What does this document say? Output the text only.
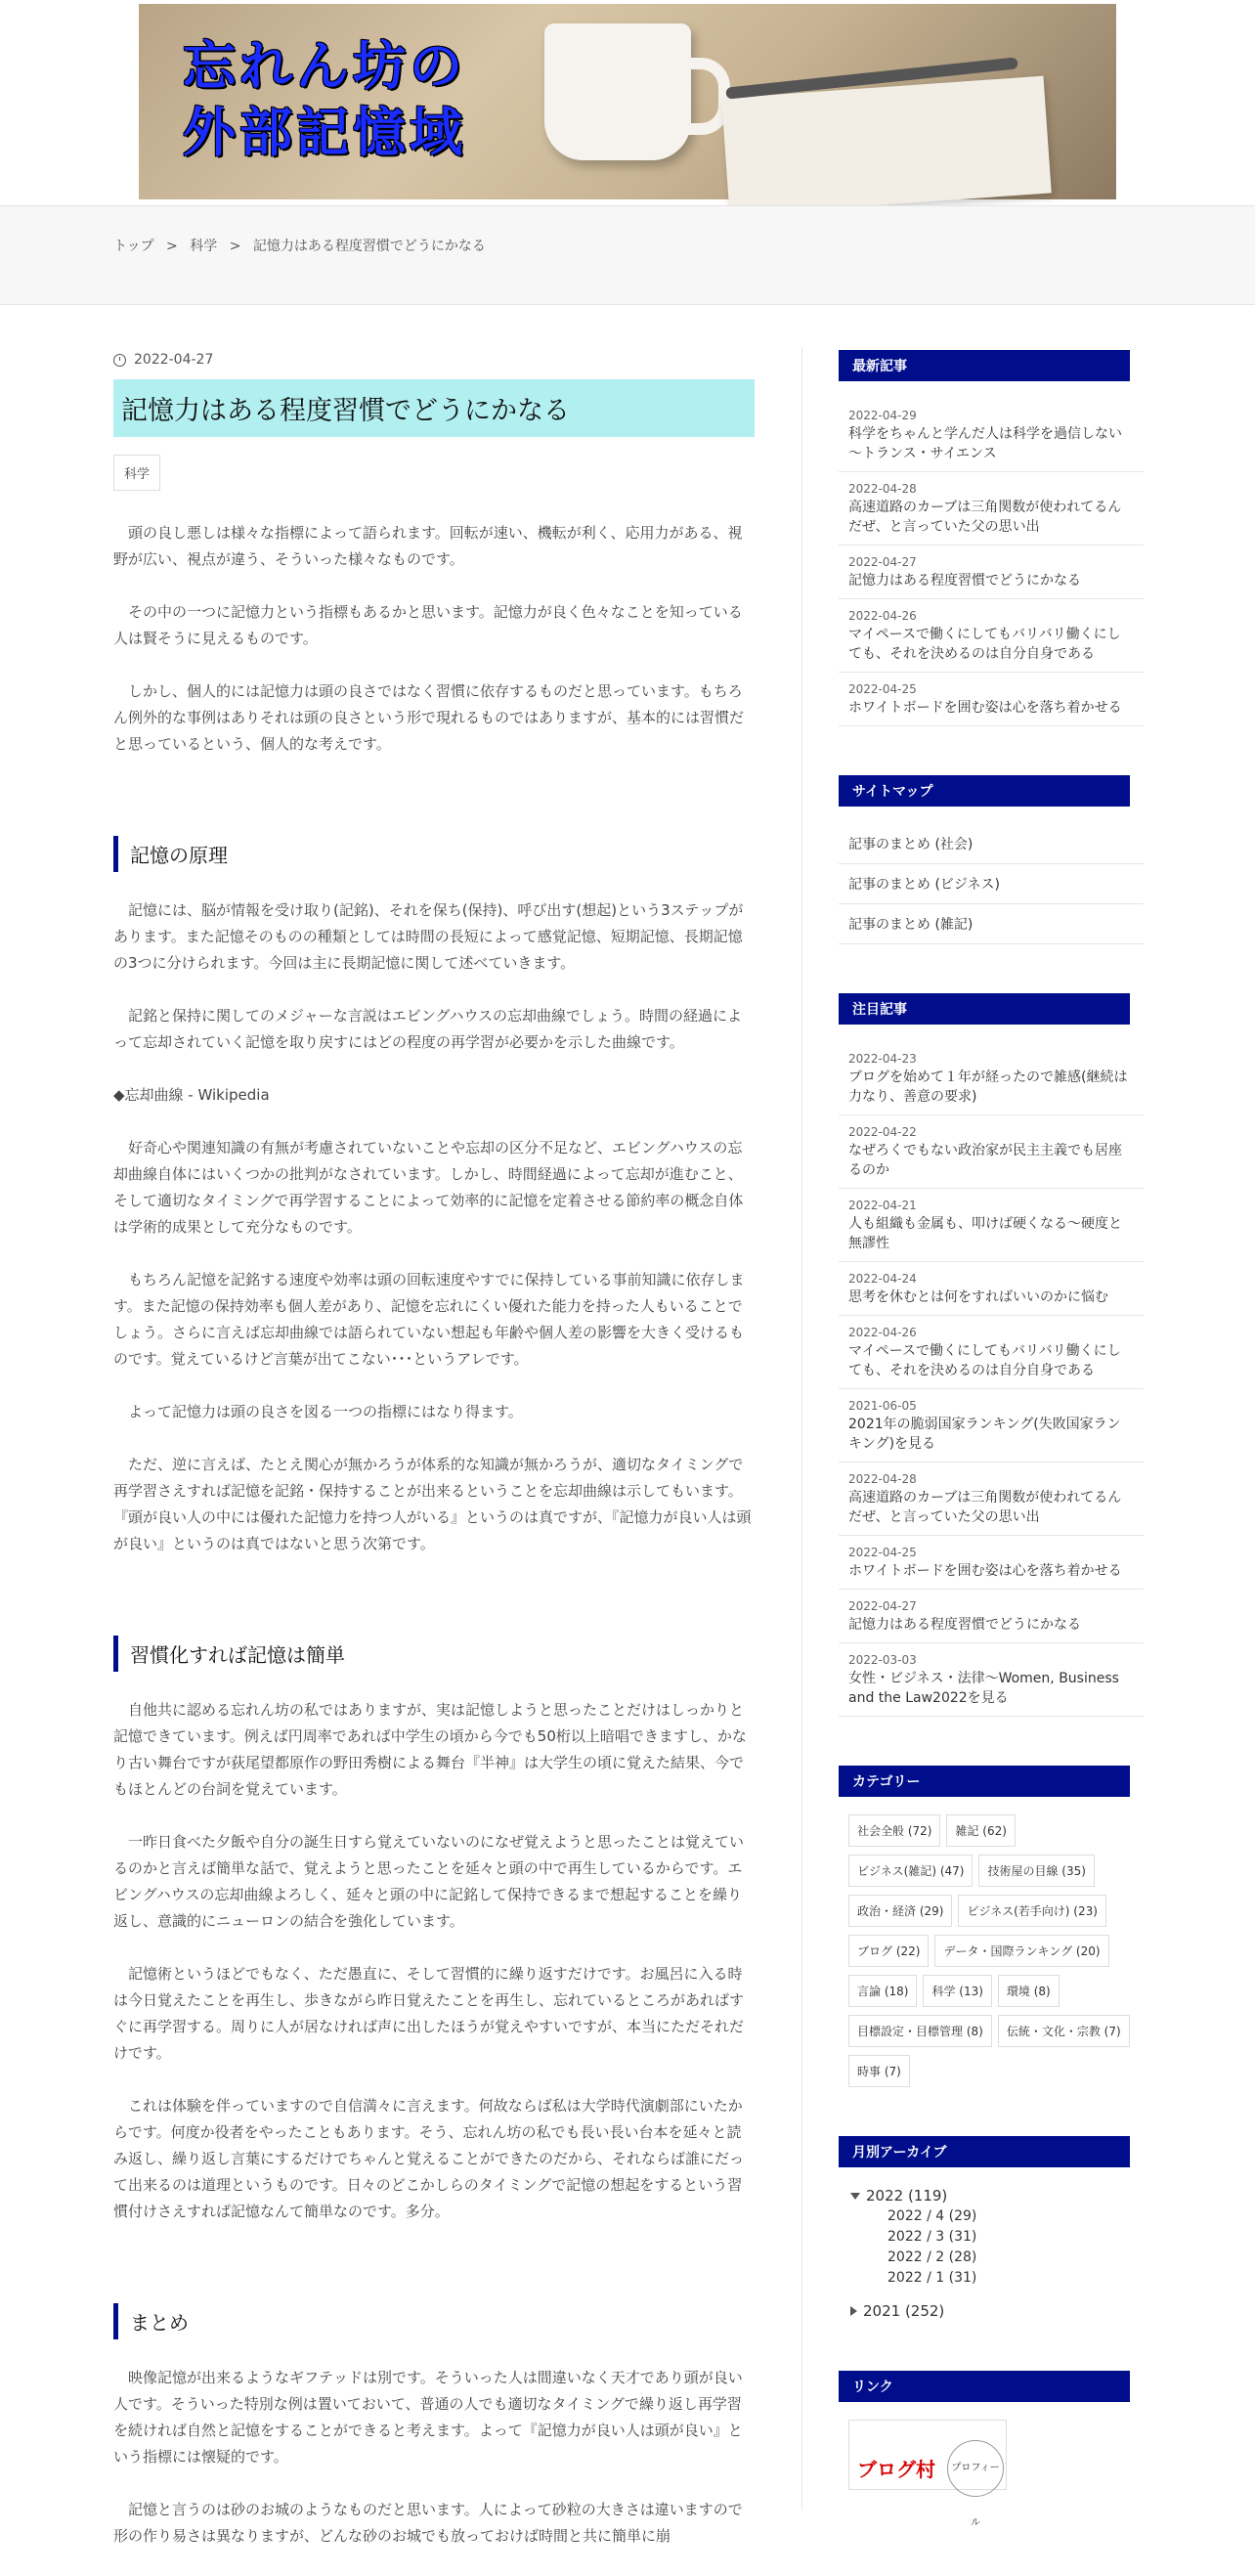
忘れん坊の
外部記憶域
トップ > 科学 > 記憶力はある程度習慣でどうにかなる
2022-04-27
記憶力はある程度習慣でどうにかなる
科学

頭の良し悪しは様々な指標によって語られます。回転が速い、機転が利く、応用力がある、視野が広い、視点が違う、そういった様々なものです。

その中の一つに記憶力という指標もあるかと思います。記憶力が良く色々なことを知っている人は賢そうに見えるものです。

しかし、個人的には記憶力は頭の良さではなく習慣に依存するものだと思っています。もちろん例外的な事例はありそれは頭の良さという形で現れるものではありますが、基本的には習慣だと思っているという、個人的な考えです。

記憶の原理

記憶には、脳が情報を受け取り(記銘)、それを保ち(保持)、呼び出す(想起)という3ステップがあります。また記憶そのものの種類としては時間の長短によって感覚記憶、短期記憶、長期記憶の3つに分けられます。今回は主に長期記憶に関して述べていきます。

記銘と保持に関してのメジャーな言説はエビングハウスの忘却曲線でしょう。時間の経過によって忘却されていく記憶を取り戻すにはどの程度の再学習が必要かを示した曲線です。

◆忘却曲線 - Wikipedia

好奇心や関連知識の有無が考慮されていないことや忘却の区分不足など、エビングハウスの忘却曲線自体にはいくつかの批判がなされています。しかし、時間経過によって忘却が進むこと、そして適切なタイミングで再学習することによって効率的に記憶を定着させる節約率の概念自体は学術的成果として充分なものです。

もちろん記憶を記銘する速度や効率は頭の回転速度やすでに保持している事前知識に依存します。また記憶の保持効率も個人差があり、記憶を忘れにくい優れた能力を持った人もいることでしょう。さらに言えば忘却曲線では語られていない想起も年齢や個人差の影響を大きく受けるものです。覚えているけど言葉が出てこない･･･というアレです。

よって記憶力は頭の良さを図る一つの指標にはなり得ます。

ただ、逆に言えば、たとえ関心が無かろうが体系的な知識が無かろうが、適切なタイミングで再学習さえすれば記憶を記銘・保持することが出来るということを忘却曲線は示してもいます。『頭が良い人の中には優れた記憶力を持つ人がいる』というのは真ですが、『記憶力が良い人は頭が良い』というのは真ではないと思う次第です。

習慣化すれば記憶は簡単

自他共に認める忘れん坊の私ではありますが、実は記憶しようと思ったことだけはしっかりと記憶できています。例えば円周率であれば中学生の頃から今でも50桁以上暗唱できますし、かなり古い舞台ですが荻尾望都原作の野田秀樹による舞台『半神』は大学生の頃に覚えた結果、今でもほとんどの台詞を覚えています。

一昨日食べた夕飯や自分の誕生日すら覚えていないのになぜ覚えようと思ったことは覚えているのかと言えば簡単な話で、覚えようと思ったことを延々と頭の中で再生しているからです。エビングハウスの忘却曲線よろしく、延々と頭の中に記銘して保持できるまで想起することを繰り返し、意識的にニューロンの結合を強化しています。

記憶術というほどでもなく、ただ愚直に、そして習慣的に繰り返すだけです。お風呂に入る時は今日覚えたことを再生し、歩きながら昨日覚えたことを再生し、忘れているところがあればすぐに再学習する。周りに人が居なければ声に出したほうが覚えやすいですが、本当にただそれだけです。

これは体験を伴っていますので自信満々に言えます。何故ならば私は大学時代演劇部にいたからです。何度か役者をやったこともあります。そう、忘れん坊の私でも長い長い台本を延々と読み返し、繰り返し言葉にするだけでちゃんと覚えることができたのだから、それならば誰にだって出来るのは道理というものです。日々のどこかしらのタイミングで記憶の想起をするという習慣付けさえすれば記憶なんて簡単なのです。多分。

まとめ

映像記憶が出来るようなギフテッドは別です。そういった人は間違いなく天才であり頭が良い人です。そういった特別な例は置いておいて、普通の人でも適切なタイミングで繰り返し再学習を続ければ自然と記憶をすることができると考えます。よって『記憶力が良い人は頭が良い』という指標には懐疑的です。

記憶と言うのは砂のお城のようなものだと思います。人によって砂粒の大きさは違いますので形の作り易さは異なりますが、どんな砂のお城でも放っておけば時間と共に簡単に崩

最新記事
2022-04-29
科学をちゃんと学んだ人は科学を過信しない～トランス・サイエンス
2022-04-28
高速道路のカーブは三角関数が使われてるんだぜ、と言っていた父の思い出
2022-04-27
記憶力はある程度習慣でどうにかなる
2022-04-26
マイペースで働くにしてもバリバリ働くにしても、それを決めるのは自分自身である
2022-04-25
ホワイトボードを囲む姿は心を落ち着かせる
サイトマップ
記事のまとめ (社会)
記事のまとめ (ビジネス)
記事のまとめ (雑記)
注目記事
2022-04-23
ブログを始めて１年が経ったので雑感(継続は力なり、善意の要求)
2022-04-22
なぜろくでもない政治家が民主主義でも居座るのか
2022-04-21
人も組織も金属も、叩けば硬くなる～硬度と無謬性
2022-04-24
思考を休むとは何をすればいいのかに悩む
2022-04-26
マイペースで働くにしてもバリバリ働くにしても、それを決めるのは自分自身である
2021-06-05
2021年の脆弱国家ランキング(失敗国家ランキング)を見る
2022-04-28
高速道路のカーブは三角関数が使われてるんだぜ、と言っていた父の思い出
2022-04-25
ホワイトボードを囲む姿は心を落ち着かせる
2022-04-27
記憶力はある程度習慣でどうにかなる
2022-03-03
女性・ビジネス・法律～Women, Business and the Law2022を見る
カテゴリー
社会全般 (72)	雑記 (62)
ビジネス(雑記) (47)	技術屋の目線 (35)
政治・経済 (29)	ビジネス(若手向け) (23)
ブログ (22)	データ・国際ランキング (20)
言論 (18)	科学 (13)	環境 (8)
目標設定・目標管理 (8)	伝統・文化・宗教 (7)
時事 (7)
月別アーカイブ
2022 (119)
2022 / 4 (29)
2022 / 3 (31)
2022 / 2 (28)
2022 / 1 (31)
2021 (252)
リンク
ブログ村	プロフィール
